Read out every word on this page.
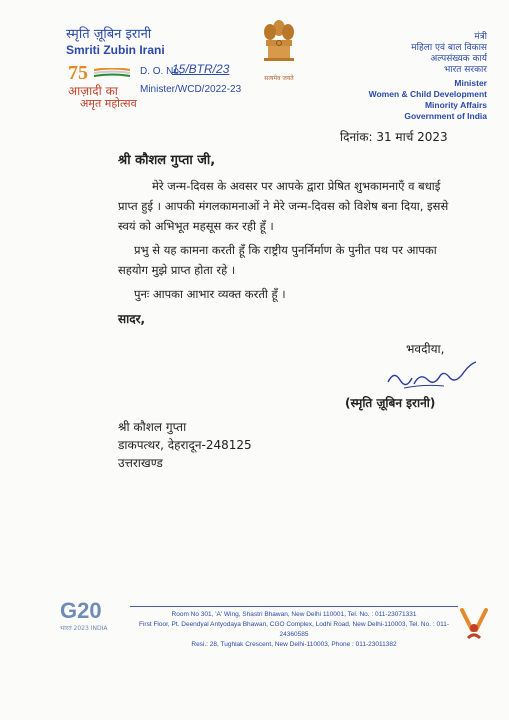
स्मृति ज़ूबिन इरानी
Smriti Zubin Irani
75
आज़ादी का
अमृत महोत्सव
D. O. No.
15/BTR/23
Minister/WCD/2022-23
सत्यमेव जयते
मंत्री
महिला एवं बाल विकास
अल्पसंख्यक कार्य
भारत सरकार
Minister
Women & Child Development
Minority Affairs
Government of India
दिनांक: 31 मार्च 2023
श्री कौशल गुप्ता जी,
मेरे जन्म-दिवस के अवसर पर आपके द्वारा प्रेषित शुभकामनाएँ व बधाई प्राप्त हुई । आपकी मंगलकामनाओं ने मेरे जन्म-दिवस को विशेष बना दिया, इससे स्वयं को अभिभूत महसूस कर रही हूँ ।
प्रभु से यह कामना करती हूँ कि राष्ट्रीय पुनर्निर्माण के पुनीत पथ पर आपका सहयोग मुझे प्राप्त होता रहे ।
पुनः आपका आभार व्यक्त करती हूँ ।
सादर,
भवदीया,
(स्मृति ज़ूबिन इरानी)
श्री कौशल गुप्ता
डाकपत्थर, देहरादून-248125
उत्तराखण्ड
G20
भारत 2023 INDIA
Room No 301, 'A' Wing, Shastri Bhawan, New Delhi 110001, Tel. No. : 011-23071331
First Floor, Pt. Deendyal Antyodaya Bhawan, CGO Complex, Lodhi Road, New Delhi-110003, Tel. No. : 011-24360585
Resi.: 28, Tughlak Crescent, New Delhi-110003, Phone : 011-23011382
